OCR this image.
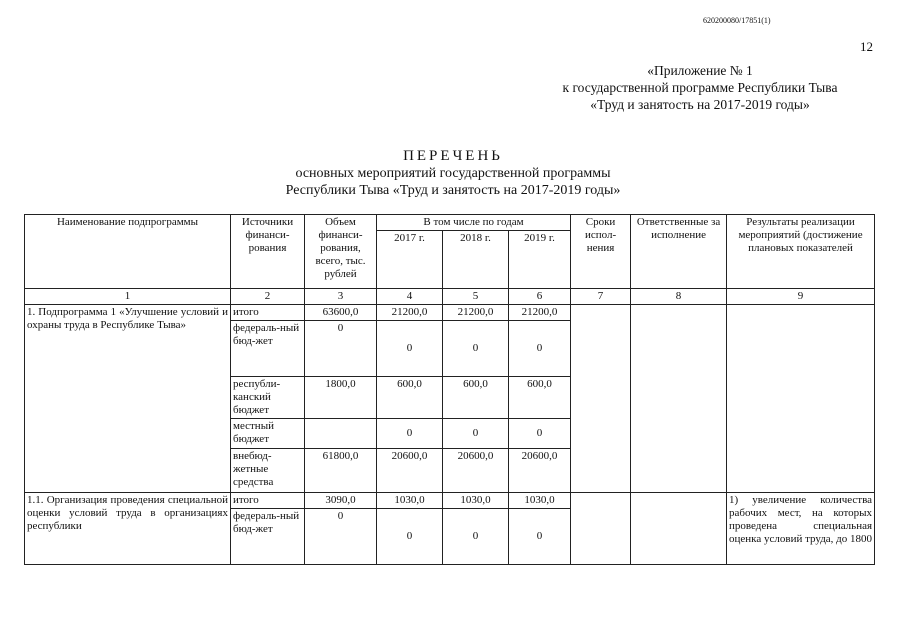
620200080/17851(1)
12
«Приложение № 1
к государственной программе Республики Тыва
«Труд и занятость на 2017-2019 годы»
ПЕРЕЧЕНЬ
основных мероприятий государственной программы
Республики Тыва «Труд и занятость на 2017-2019 годы»
Наименование подпрограммы	Источники финанси-рования	Объем финанси-рования, всего, тыс. рублей	В том числе по годам			Сроки испол-нения	Ответственные за исполнение	Результаты реализации мероприятий (достижение плановых показателей
			2017 г.	2018 г.	2019 г.			
1	2	3	4	5	6	7	8	9
1. Подпрограмма 1 «Улучшение условий и охраны труда в Республике Тыва»	итого	63600,0	21200,0	21200,0	21200,0			
	федераль-ный бюд-жет	0	0	0	0			
	республи-канский бюджет	1800,0	600,0	600,0	600,0			
	местный бюджет		0	0	0			
	внебюд-жетные средства	61800,0	20600,0	20600,0	20600,0			
1.1. Организация проведения специальной оценки условий труда в организациях республики	итого	3090,0	1030,0	1030,0	1030,0			1) увеличение количества рабочих мест, на которых проведена специальная оценка условий труда, до 1800
	федераль-ный бюд-жет	0	0	0	0			
